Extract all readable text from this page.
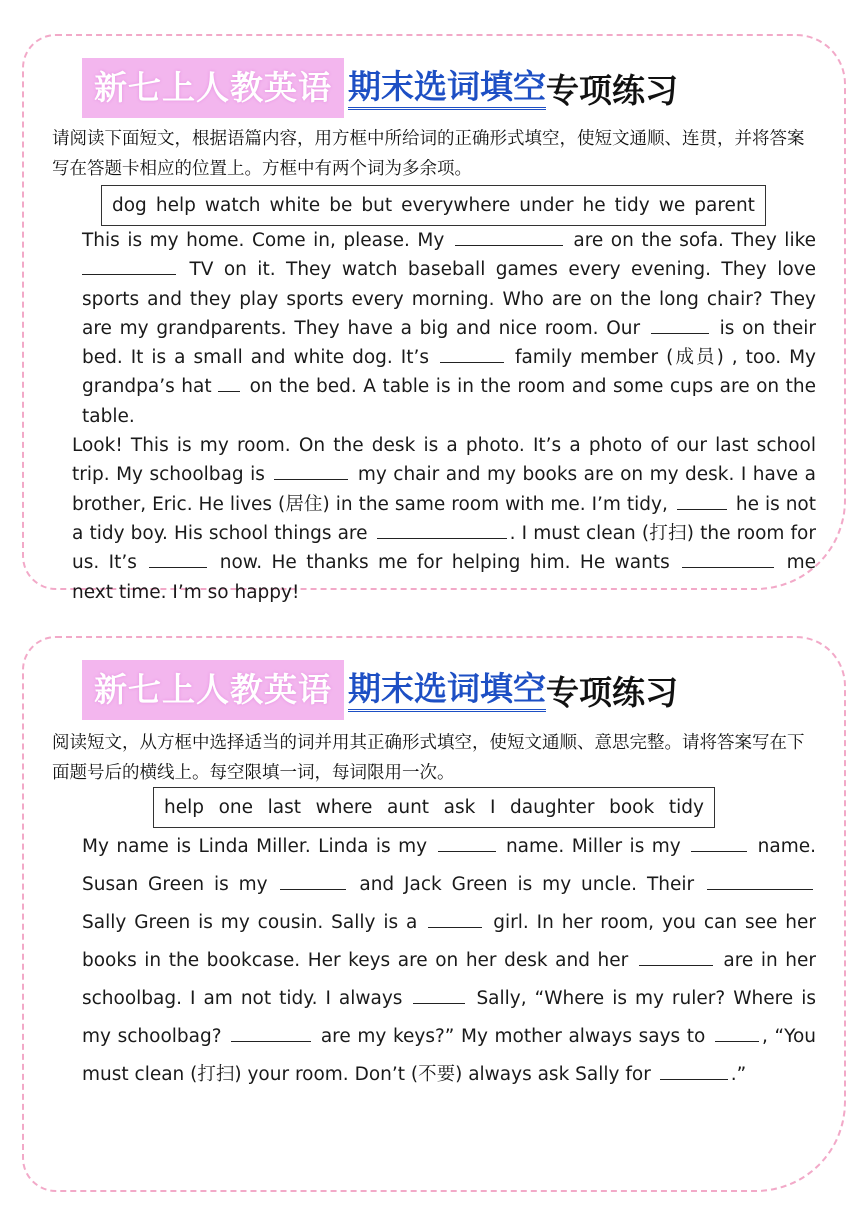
新七上人教英语 期末选词填空 专项练习
请阅读下面短文，根据语篇内容，用方框中所给词的正确形式填空，使短文通顺、连贯，并将答案写在答题卡相应的位置上。方框中有两个词为多余项。
dog help watch white be but everywhere under he tidy we parent
This is my home. Come in, please. My	are on the sofa. They like  TV on it. They watch baseball games every evening. They love sports and they play sports every morning. Who are on the long chair? They are my grandparents. They have a big and nice room. Our	is on their bed. It is a small and white dog. It’s	family member (成员) , too. My grandpa’s hat on the bed. A table is in the room and some cups are on the table.
Look! This is my room. On the desk is a photo. It’s a photo of our last school trip. My schoolbag is	my chair and my books are on my desk. I have a brother, Eric. He lives (居住) in the same room with me. I’m tidy,	he is not a tidy boy. His school things are	. I must clean (打扫) the room for us. It’s	now. He thanks me for helping him. He wants	me next time. I’m so happy!
新七上人教英语 期末选词填空 专项练习
阅读短文，从方框中选择适当的词并用其正确形式填空，使短文通顺、意思完整。请将答案写在下面题号后的横线上。每空限填一词，每词限用一次。
help one last where aunt ask I daughter book tidy
My name is Linda Miller. Linda is my	name. Miller is my	name. Susan Green is my	and Jack Green is my uncle. Their  Sally Green is my cousin. Sally is a	girl. In her room, you can see her books in the bookcase. Her keys are on her desk and her	are in her schoolbag. I am not tidy. I always	Sally, “Where is my ruler? Where is my schoolbag?	are my keys?” My mother always says to	, “You must clean (打扫) your room. Don’t (不要) always ask Sally for	.”
